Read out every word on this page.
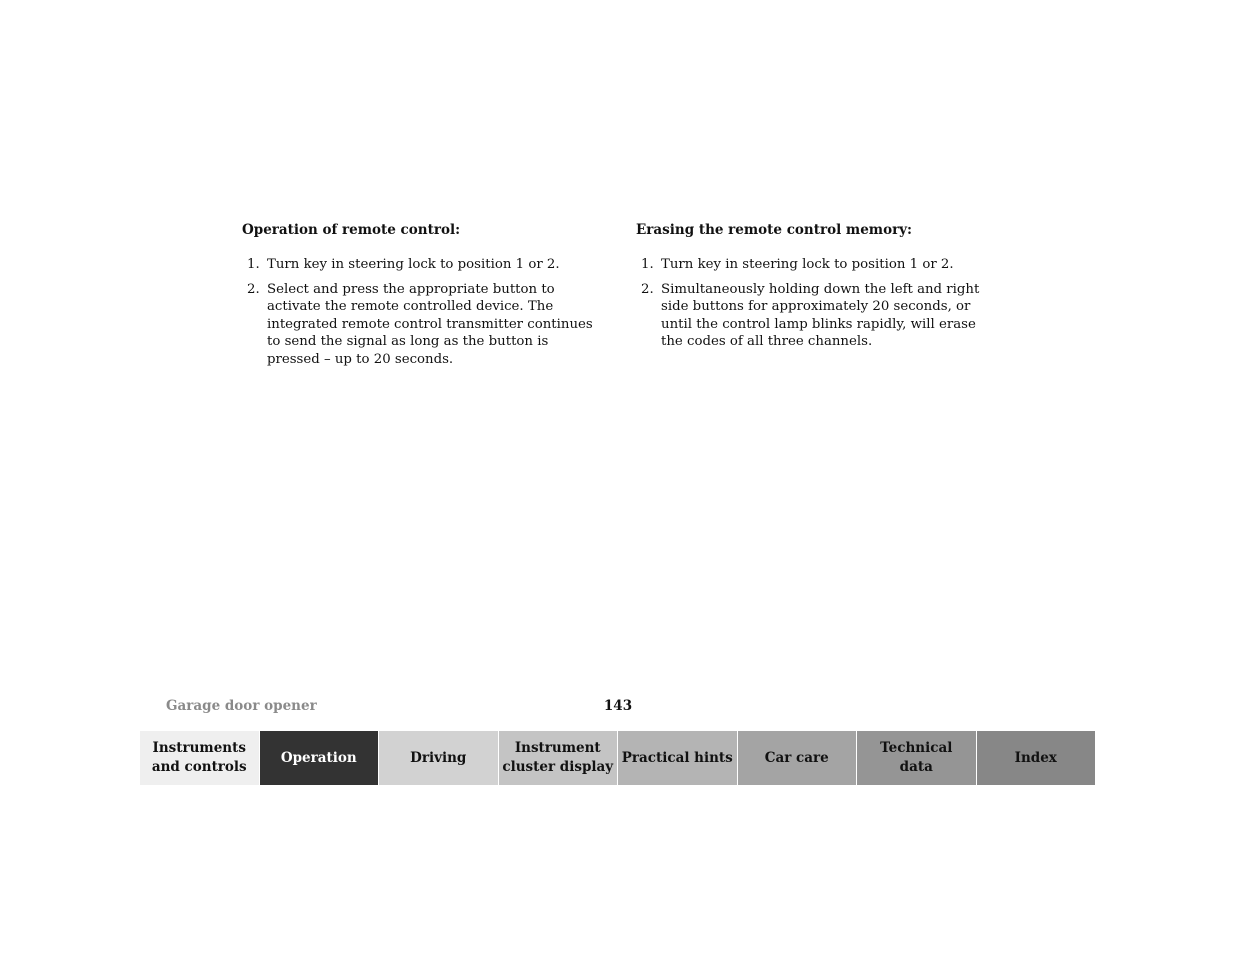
Operation of remote control:
1. Turn key in steering lock to position 1 or 2.
2. Select and press the appropriate button to activate the remote controlled device. The integrated remote control transmitter continues to send the signal as long as the button is pressed – up to 20 seconds.
Erasing the remote control memory:
1. Turn key in steering lock to position 1 or 2.
2. Simultaneously holding down the left and right side buttons for approximately 20 seconds, or until the control lamp blinks rapidly, will erase the codes of all three channels.
Garage door opener	143
Instruments
and controls
Operation	Driving
Instrument
cluster display
Practical hints	Car care
Technical
data
Index
